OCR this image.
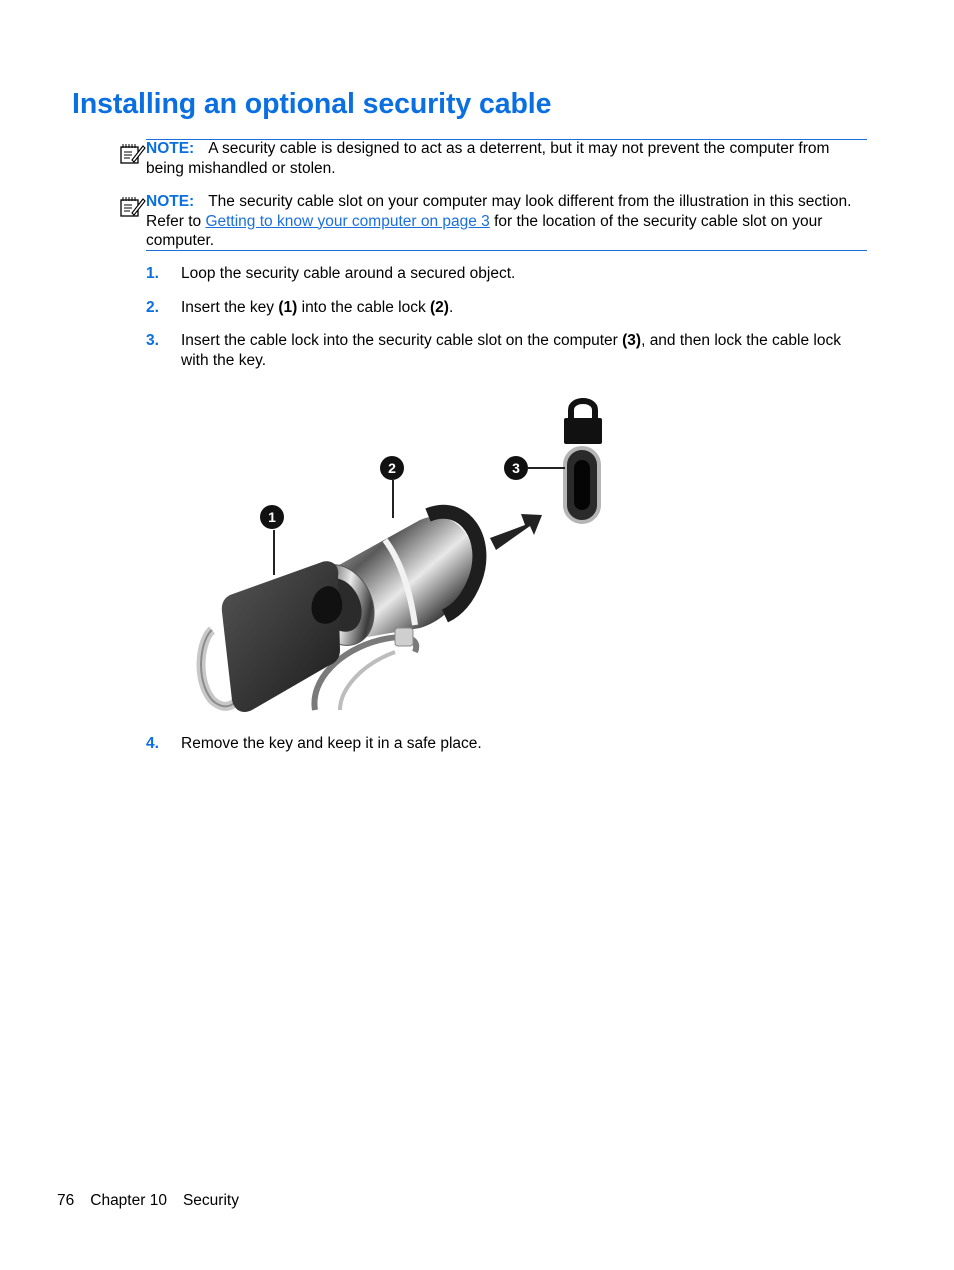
Installing an optional security cable
NOTE: A security cable is designed to act as a deterrent, but it may not prevent the computer from being mishandled or stolen.
NOTE: The security cable slot on your computer may look different from the illustration in this section. Refer to Getting to know your computer on page 3 for the location of the security cable slot on your computer.
1. Loop the security cable around a secured object.
2. Insert the key (1) into the cable lock (2).
3. Insert the cable lock into the security cable slot on the computer (3), and then lock the cable lock with the key.
1
2	3
4. Remove the key and keep it in a safe place.
76 Chapter 10 Security
